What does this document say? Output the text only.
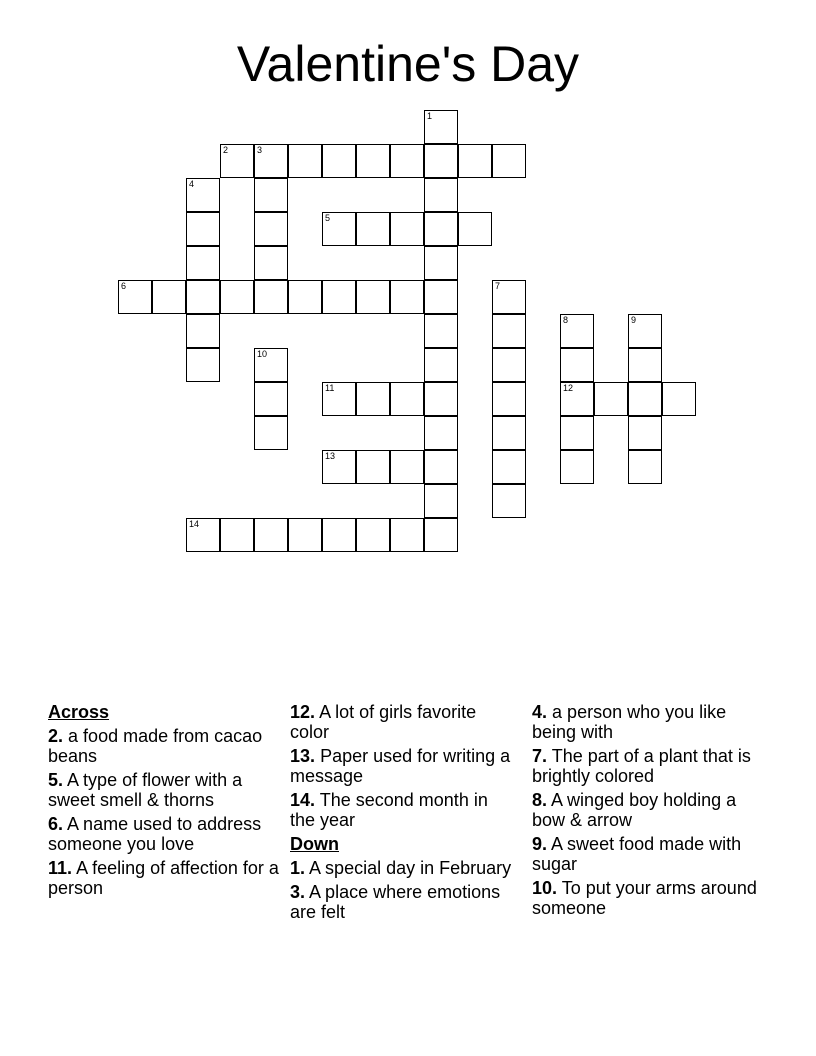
Valentine's Day
1
2	3
4
5
6	7
8
12
9
10
11
13
14
Across
2. a food made from cacao beans
5. A type of flower with a sweet smell & thorns
6. A name used to address someone you love
11. A feeling of affection for a person
12. A lot of girls favorite color
13. Paper used for writing a message
14. The second month in the year
Down
1. A special day in February
3. A place where emotions are felt
4. a person who you like being with
7. The part of a plant that is brightly colored
8. A winged boy holding a bow & arrow
9. A sweet food made with sugar
10. To put your arms around someone
